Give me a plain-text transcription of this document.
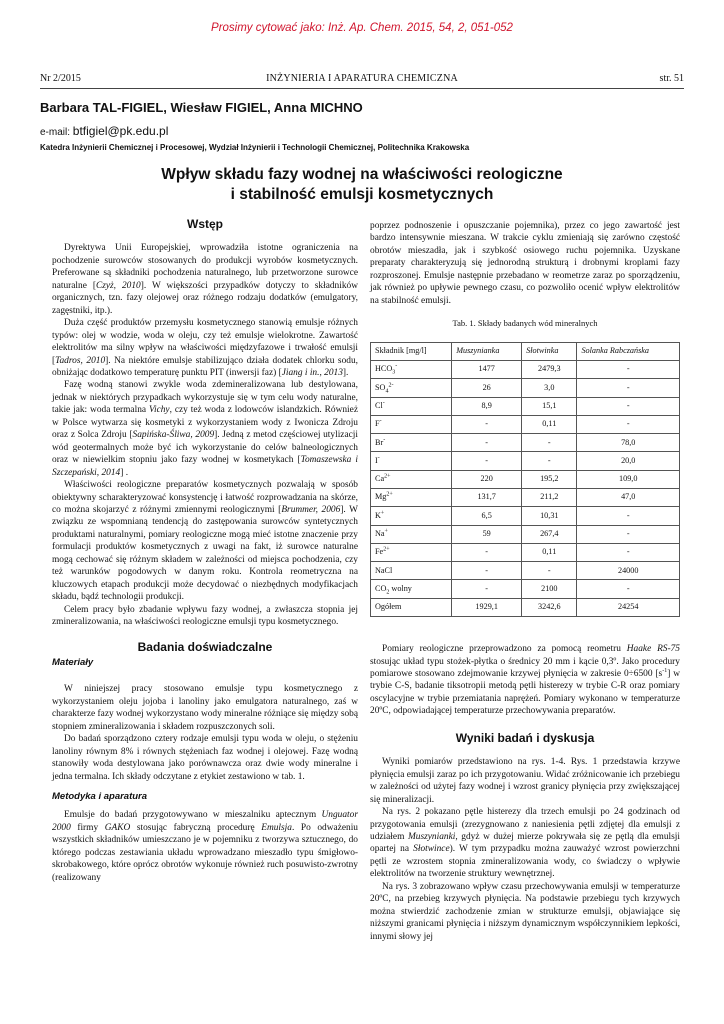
Prosimy cytować jako: Inż. Ap. Chem. 2015, 54, 2, 051-052
INŻYNIERIA I APARATURA CHEMICZNA
Nr 2/2015	str. 51
Barbara TAL-FIGIEL, Wiesław FIGIEL, Anna MICHNO
e-mail: btfigiel@pk.edu.pl
Katedra Inżynierii Chemicznej i Procesowej, Wydział Inżynierii i Technologii Chemicznej, Politechnika Krakowska
Wpływ składu fazy wodnej na właściwości reologiczne
i stabilność emulsji kosmetycznych
Wstęp

Dyrektywa Unii Europejskiej, wprowadziła istotne ograniczenia na pochodzenie surowców stosowanych do produkcji wyrobów kosmetycznych. Preferowane są składniki pochodzenia naturalnego, lub przetworzone surowce naturalne [Czyż, 2010]. W większości przypadków dotyczy to składników organicznych, tzn. fazy olejowej oraz różnego rodzaju dodatków (emulgatory, zagęstniki, itp.).

Duża część produktów przemysłu kosmetycznego stanowią emulsje różnych typów: olej w wodzie, woda w oleju, czy też emulsje wielokrotne. Zawartość elektrolitów ma silny wpływ na właściwości międzyfazowe i trwałość emulsji [Tadros, 2010]. Na niektóre emulsje stabilizująco działa dodatek chlorku sodu, obniżając dodatkowo temperaturę punktu PIT (inwersji faz) [Jiang i in., 2013].

Fazę wodną stanowi zwykle woda zdemineralizowana lub destylowana, jednak w niektórych przypadkach wykorzystuje się w tym celu wody naturalne, takie jak: woda termalna Vichy, czy też woda z lodowców islandzkich. Również w Polsce wytwarza się kosmetyki z wykorzystaniem wody z Iwonicza Zdroju oraz z Solca Zdroju [Sapińska-Śliwa, 2009]. Jedną z metod częściowej utylizacji wód geotermalnych może być ich wykorzystanie do celów balneologicznych oraz w niewielkim stopniu jako fazy wodnej w kosmetykach [Tomaszewska i Szczepański, 2014] .

Właściwości reologiczne preparatów kosmetycznych pozwalają w sposób obiektywny scharakteryzować konsystencję i łatwość rozprowadzania na skórze, co można skojarzyć z różnymi zmiennymi reologicznymi [Brummer, 2006]. W związku ze wspomnianą tendencją do zastępowania surowców syntetycznych produktami naturalnymi, pomiary reologiczne mogą mieć istotne znaczenie przy formulacji produktów kosmetycznych z uwagi na fakt, iż surowce naturalne mogą cechować się różnym składem w zależności od miejsca pochodzenia, czy też warunków pogodowych w danym roku. Kontrola reometryczna na kluczowych etapach produkcji może decydować o niezbędnych modyfikacjach składu, bądź technologii produkcji.

Celem pracy było zbadanie wpływu fazy wodnej, a zwłaszcza stopnia jej zmineralizowania, na właściwości reologiczne emulsji typu kosmetycznego.

Badania doświadczalne
Materiały

W niniejszej pracy stosowano emulsje typu kosmetycznego z wykorzystaniem oleju jojoba i lanoliny jako emulgatora naturalnego, zaś w charakterze fazy wodnej wykorzystano wody mineralne różniące się między sobą stopniem zmineralizowania i składem rozpuszczonych soli.

Do badań sporządzono cztery rodzaje emulsji typu woda w oleju, o stężeniu lanoliny równym 8% i równych stężeniach faz wodnej i olejowej. Fazę wodną stanowiły woda destylowana jako porównawcza oraz dwie wody mineralne i jedna termalna. Ich składy odczytane z etykiet zestawiono w tab. 1.

Metodyka i aparatura

Emulsje do badań przygotowywano w mieszalniku aptecznym Unguator 2000 firmy GAKO stosując fabryczną procedurę Emulsja. Po odważeniu wszystkich składników umieszczano je w pojemniku z tworzywa sztucznego, do którego podczas zestawiania układu wprowadzano mieszadło typu śmigłowo-skrobakowego, które oprócz obrotów wykonuje również ruch posuwisto-zwrotny (realizowany

poprzez podnoszenie i opuszczanie pojemnika), przez co jego zawartość jest bardzo intensywnie mieszana. W trakcie cyklu zmieniają się zarówno częstość obrotów mieszadła, jak i szybkość osiowego ruchu pojemnika. Uzyskane preparaty charakteryzują się jednorodną strukturą i drobnymi kroplami fazy rozproszonej. Emulsje następnie przebadano w reometrze zaraz po sporządzeniu, jak również po upływie pewnego czasu, co pozwoliło ocenić wpływ elektrolitów na stabilność emulsji.

Tab. 1. Składy badanych wód mineralnych
Składnik [mg/l]	Muszynianka	Słotwinka	Solanka Rabczańska
$HCO_3^-$	1477	2479,3	-
$SO_4^{2-}$	26	3,0	-
Cl-	8,9	15,1	-
F-	-	0,11	-
Br-	-	-	78,0
I-	-	-	20,0
$Ca^{2+}$	220	195,2	109,0
$Mg^{2+}$	131,7	211,2	47,0
K+	6,5	10,31	-
Na+	59	267,4	-
$Fe^{2+}$	-	0,11	-
NaCl	-	-	24000
$CO_2$ wolny	-	2100	-
Ogółem	1929,1	3242,6	24254

Pomiary reologiczne przeprowadzono za pomocą reometru Haake RS-75 stosując układ typu stożek-płytka o średnicy 20 mm i kącie 0,3º. Jako procedury pomiarowe stosowano zdejmowanie krzywej płynięcia w zakresie 0÷6500 $[s^{-1}]$ w trybie C-S, badanie tiksotropii metodą pętli histerezy w trybie C-R oraz pomiary oscylacyjne w trybie przemiatania naprężeń. Pomiary wykonano w temperaturze 20ºC, odpowiadającej temperaturze przechowywania preparatów.

Wyniki badań i dyskusja

Wyniki pomiarów przedstawiono na rys. 1-4. Rys. 1 przedstawia krzywe płynięcia emulsji zaraz po ich przygotowaniu. Widać zróżnicowanie ich przebiegu w zależności od użytej fazy wodnej i wzrost granicy płynięcia przy zwiększającej się mineralizacji.

Na rys. 2 pokazano pętle histerezy dla trzech emulsji po 24 godzinach od przygotowania emulsji (zrezygnowano z naniesienia pętli zdjętej dla emulsji z udziałem Muszynianki, gdyż w dużej mierze pokrywała się ze pętlą dla emulsji opartej na Słotwince). W tym przypadku można zauważyć wzrost powierzchni pętli ze wzrostem stopnia zmineralizowania wody, co świadczy o wpływie elektrolitów na tworzenie struktury wewnętrznej.

Na rys. 3 zobrazowano wpływ czasu przechowywania emulsji w temperaturze 20ºC, na przebieg krzywych płynięcia. Na podstawie przebiegu tych krzywych można stwierdzić zachodzenie zmian w strukturze emulsji, objawiające się niższymi granicami płynięcia i niższym dynamicznym współczynnikiem lepkości, innymi słowy jej
